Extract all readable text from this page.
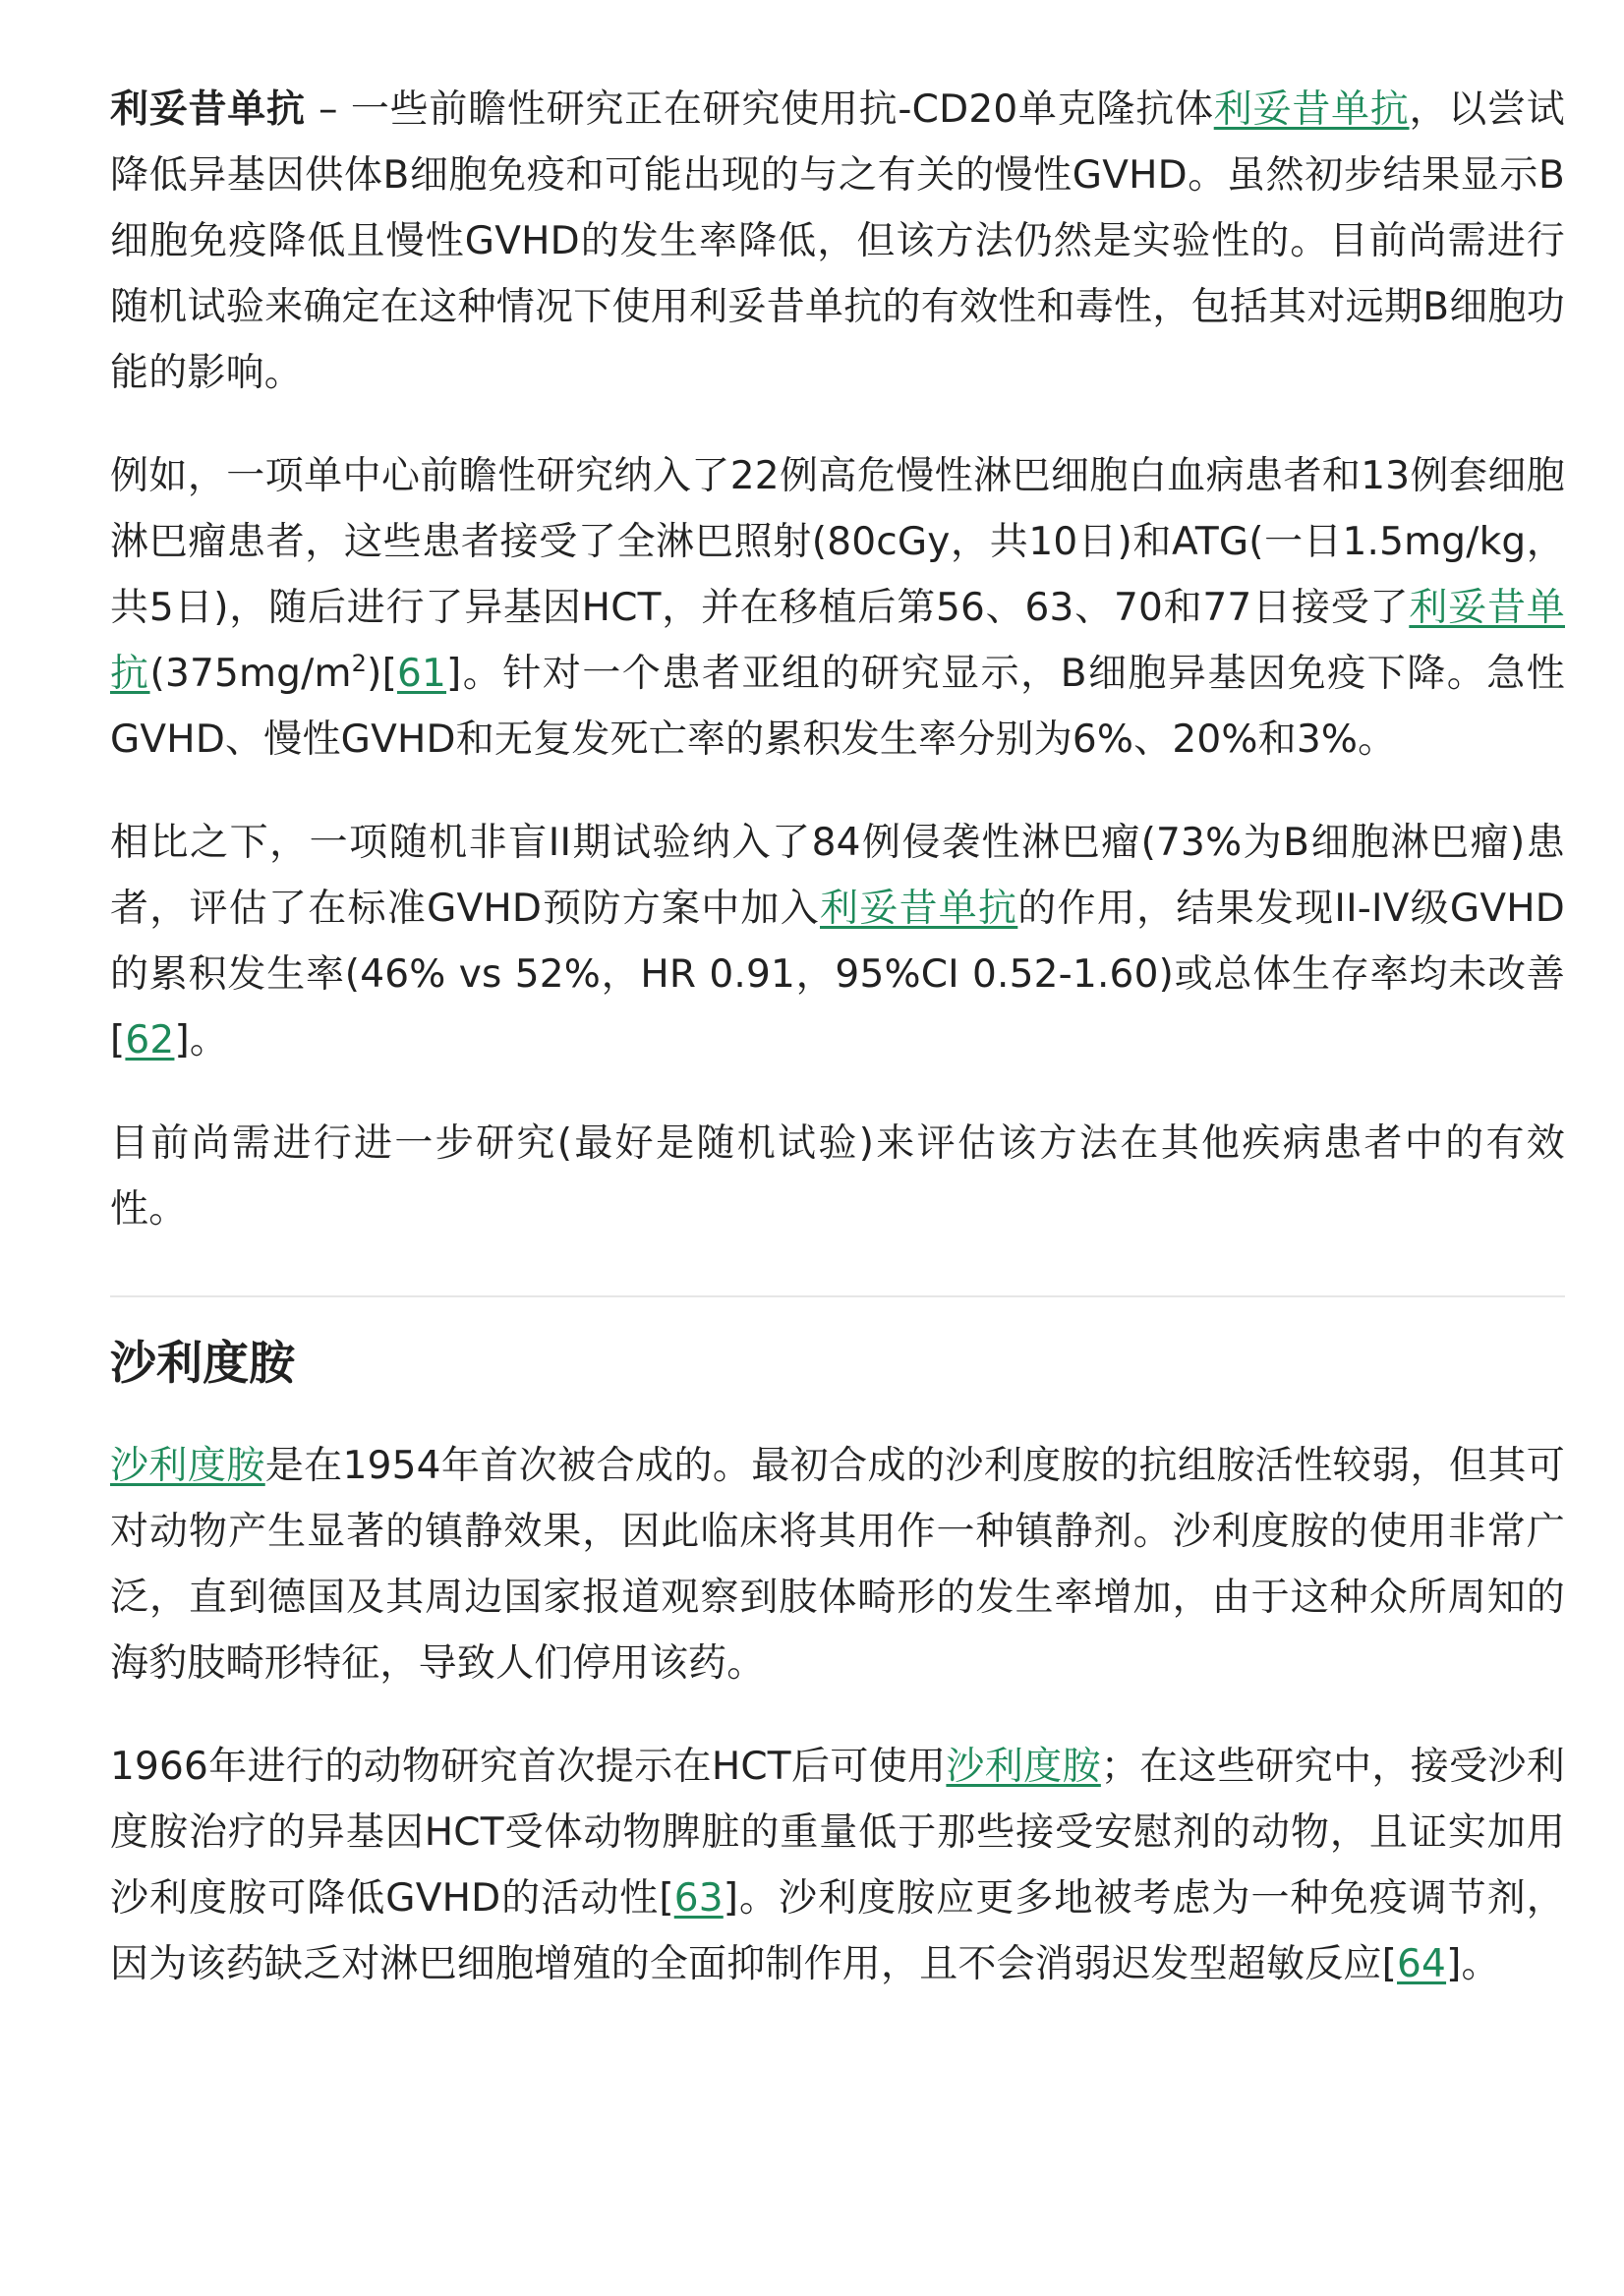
利妥昔单抗 – 一些前瞻性研究正在研究使用抗-CD20单克隆抗体利妥昔单抗，以尝试降低异基因供体B细胞免疫和可能出现的与之有关的慢性GVHD。虽然初步结果显示B细胞免疫降低且慢性GVHD的发生率降低，但该方法仍然是实验性的。目前尚需进行随机试验来确定在这种情况下使用利妥昔单抗的有效性和毒性，包括其对远期B细胞功能的影响。

例如，一项单中心前瞻性研究纳入了22例高危慢性淋巴细胞白血病患者和13例套细胞淋巴瘤患者，这些患者接受了全淋巴照射(80cGy，共10日)和ATG(一日1.5mg/kg，共5日)，随后进行了异基因HCT，并在移植后第56、63、70和77日接受了利妥昔单抗$(375mg/m^2)[61]$。针对一个患者亚组的研究显示，B细胞异基因免疫下降。急性GVHD、慢性GVHD和无复发死亡率的累积发生率分别为6%、20%和3%。

相比之下，一项随机非盲II期试验纳入了84例侵袭性淋巴瘤(73%为B细胞淋巴瘤)患者，评估了在标准GVHD预防方案中加入利妥昔单抗的作用，结果发现II-IV级GVHD的累积发生率(46% vs 52%，HR 0.91，95%CI 0.52-1.60)或总体生存率均未改善[62]。

目前尚需进行进一步研究(最好是随机试验)来评估该方法在其他疾病患者中的有效性。

沙利度胺

沙利度胺是在1954年首次被合成的。最初合成的沙利度胺的抗组胺活性较弱，但其可对动物产生显著的镇静效果，因此临床将其用作一种镇静剂。沙利度胺的使用非常广泛，直到德国及其周边国家报道观察到肢体畸形的发生率增加，由于这种众所周知的海豹肢畸形特征，导致人们停用该药。

1966年进行的动物研究首次提示在HCT后可使用沙利度胺；在这些研究中，接受沙利度胺治疗的异基因HCT受体动物脾脏的重量低于那些接受安慰剂的动物，且证实加用沙利度胺可降低GVHD的活动性[63]。沙利度胺应更多地被考虑为一种免疫调节剂，因为该药缺乏对淋巴细胞增殖的全面抑制作用，且不会消弱迟发型超敏反应[64]。
